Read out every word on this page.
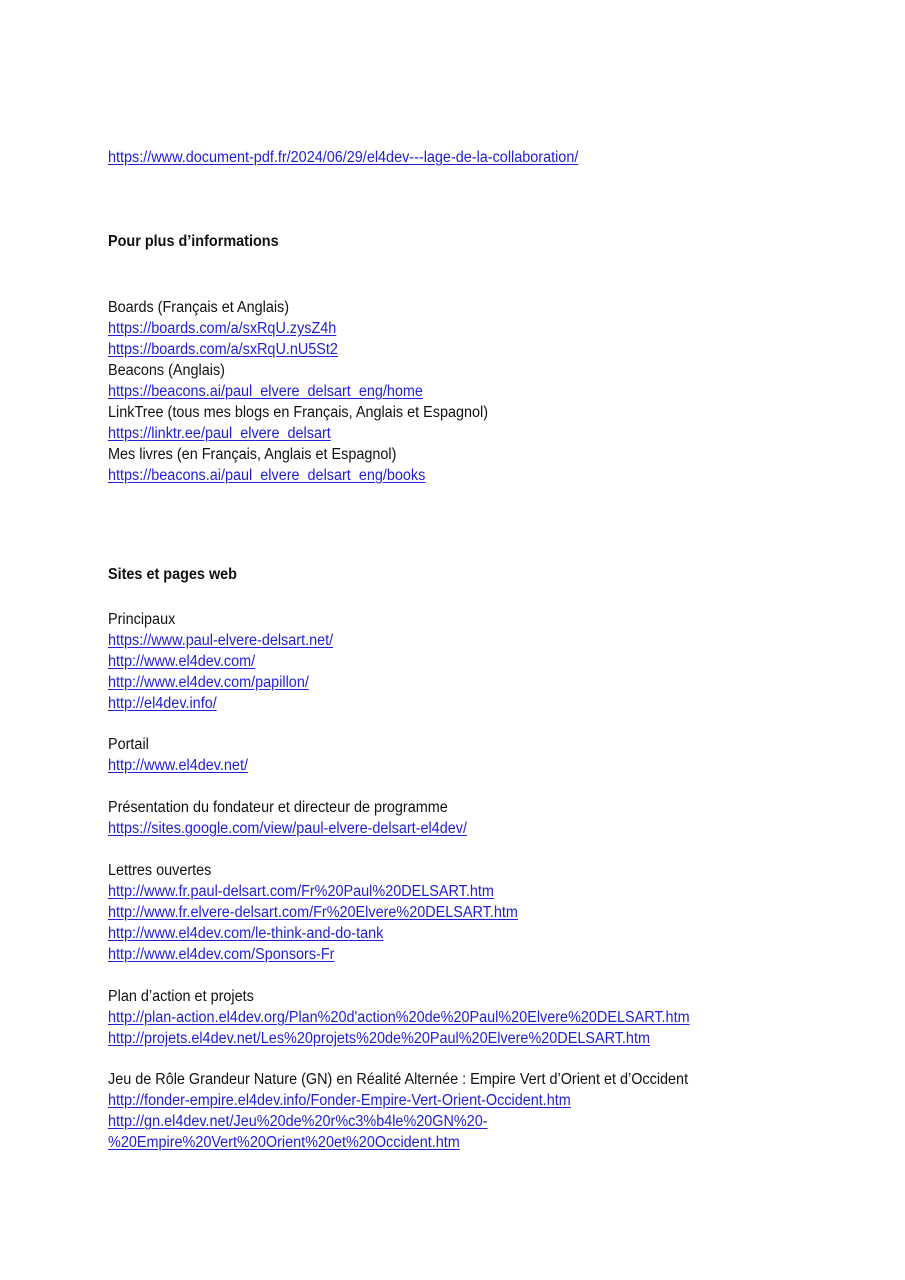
https://www.document-pdf.fr/2024/06/29/el4dev---lage-de-la-collaboration/
Pour plus d’informations
Boards (Français et Anglais)
https://boards.com/a/sxRqU.zysZ4h
https://boards.com/a/sxRqU.nU5St2
Beacons (Anglais)
https://beacons.ai/paul_elvere_delsart_eng/home
LinkTree (tous mes blogs en Français, Anglais et Espagnol)
https://linktr.ee/paul_elvere_delsart
Mes livres (en Français, Anglais et Espagnol)
https://beacons.ai/paul_elvere_delsart_eng/books
Sites et pages web
Principaux
https://www.paul-elvere-delsart.net/
http://www.el4dev.com/
http://www.el4dev.com/papillon/
http://el4dev.info/
Portail
http://www.el4dev.net/
Présentation du fondateur et directeur de programme
https://sites.google.com/view/paul-elvere-delsart-el4dev/
Lettres ouvertes
http://www.fr.paul-delsart.com/Fr%20Paul%20DELSART.htm
http://www.fr.elvere-delsart.com/Fr%20Elvere%20DELSART.htm
http://www.el4dev.com/le-think-and-do-tank
http://www.el4dev.com/Sponsors-Fr
Plan d’action et projets
http://plan-action.el4dev.org/Plan%20d'action%20de%20Paul%20Elvere%20DELSART.htm
http://projets.el4dev.net/Les%20projets%20de%20Paul%20Elvere%20DELSART.htm
Jeu de Rôle Grandeur Nature (GN) en Réalité Alternée : Empire Vert d’Orient et d’Occident
http://fonder-empire.el4dev.info/Fonder-Empire-Vert-Orient-Occident.htm
http://gn.el4dev.net/Jeu%20de%20r%c3%b4le%20GN%20-
%20Empire%20Vert%20Orient%20et%20Occident.htm
